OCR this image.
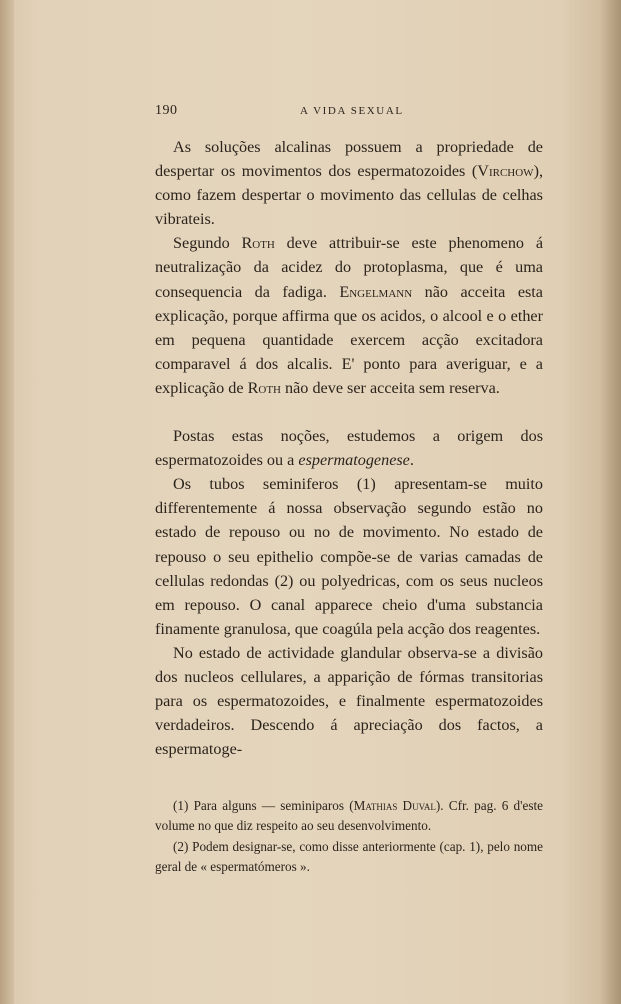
190	A VIDA SEXUAL

As soluções alcalinas possuem a propriedade de despertar os movimentos dos espermatozoides (Virchow), como fazem despertar o movimento das cellulas de celhas vibrateis.

Segundo Roth deve attribuir-se este phenomeno á neutralização da acidez do protoplasma, que é uma consequencia da fadiga. Engelmann não acceita esta explicação, porque affirma que os acidos, o alcool e o ether em pequena quantidade exercem acção excitadora comparavel á dos alcalis. E' ponto para averiguar, e a explicação de Roth não deve ser acceita sem reserva.

Postas estas noções, estudemos a origem dos espermatozoides ou a espermatogenese.

Os tubos seminiferos (1) apresentam-se muito differentemente á nossa observação segundo estão no estado de repouso ou no de movimento. No estado de repouso o seu epithelio compõe-se de varias camadas de cellulas redondas (2) ou polyedricas, com os seus nucleos em repouso. O canal apparece cheio d'uma substancia finamente granulosa, que coagúla pela acção dos reagentes.

No estado de actividade glandular observa-se a divisão dos nucleos cellulares, a apparição de fórmas transitorias para os espermatozoides, e finalmente espermatozoides verdadeiros. Descendo á apreciação dos factos, a espermatoge-

(1) Para alguns — seminiparos (Mathias Duval). Cfr. pag. 6 d'este volume no que diz respeito ao seu desenvolvimento.

(2) Podem designar-se, como disse anteriormente (cap. 1), pelo nome geral de « espermatómeros ».
